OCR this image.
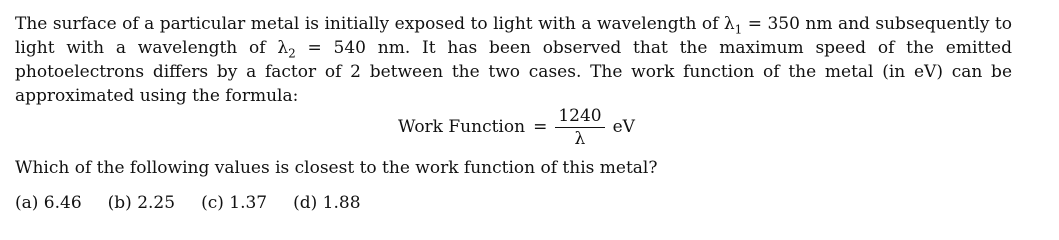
The surface of a particular metal is initially exposed to light with a wavelength of $\lambda_1 = 350$ nm and subsequently to light with a wavelength of $\lambda_2 = 540$ nm. It has been observed that the maximum speed of the emitted photoelectrons differs by a factor of 2 between the two cases. The work function of the metal (in eV) can be approximated using the formula:
Work Function = $\frac{1240}{\lambda}$ eV
Which of the following values is closest to the work function of this metal?
(a) 6.46 (b) 2.25 (c) 1.37 (d) 1.88
